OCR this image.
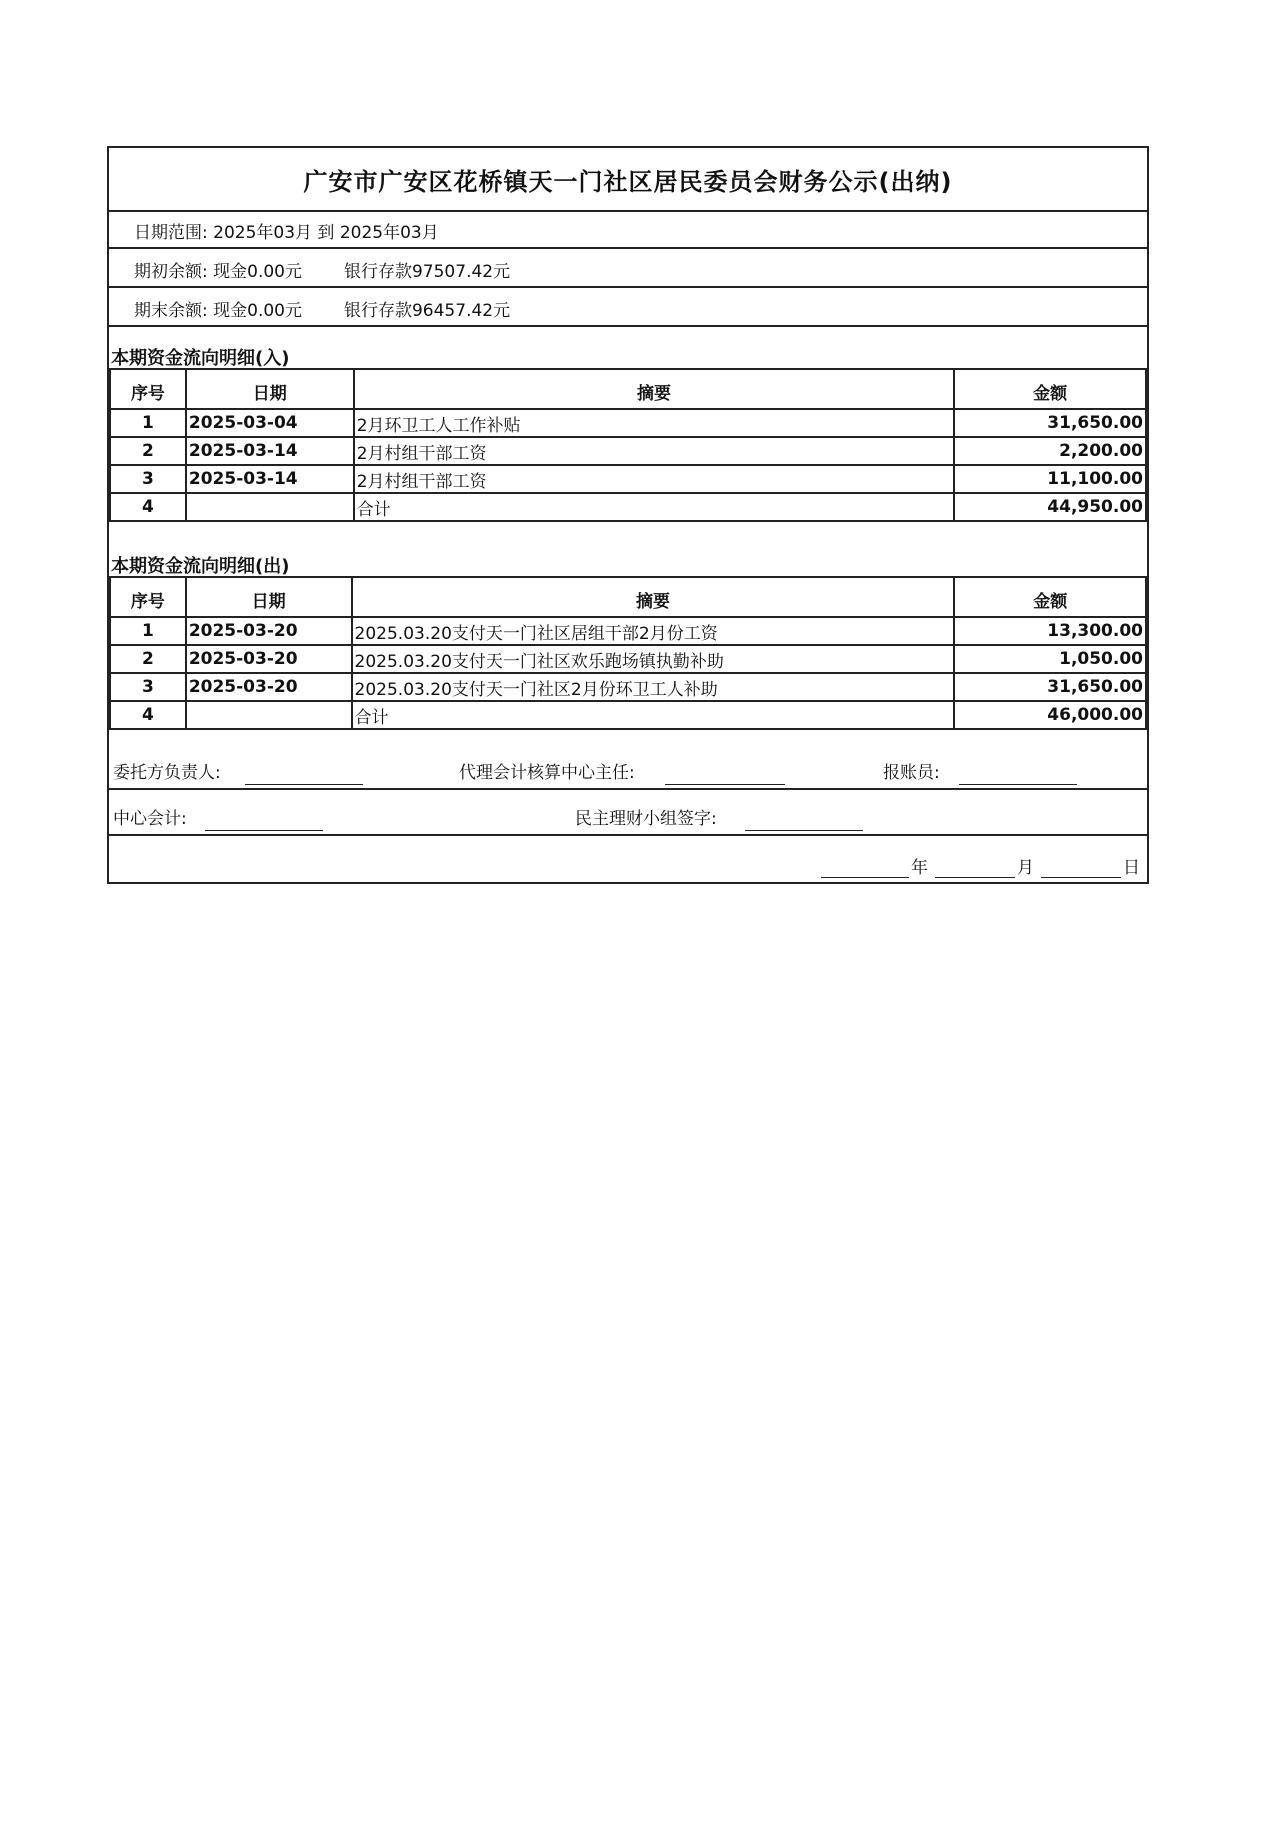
广安市广安区花桥镇天一门社区居民委员会财务公示(出纳)
日期范围: 2025年03月 到 2025年03月
期初余额: 现金0.00元 银行存款97507.42元
期末余额: 现金0.00元 银行存款96457.42元
本期资金流向明细(入)
序号	日期	摘要	金额
1	2025-03-04	2月环卫工人工作补贴	31,650.00
2	2025-03-14	2月村组干部工资	2,200.00
3	2025-03-14	2月村组干部工资	11,100.00
4		合计	44,950.00
本期资金流向明细(出)
序号	日期	摘要	金额
1	2025-03-20	2025.03.20支付天一门社区居组干部2月份工资	13,300.00
2	2025-03-20	2025.03.20支付天一门社区欢乐跑场镇执勤补助	1,050.00
3	2025-03-20	2025.03.20支付天一门社区2月份环卫工人补助	31,650.00
4		合计	46,000.00
委托方负责人:	代理会计核算中心主任:	报账员:
中心会计:	民主理财小组签字:
年	月	日
